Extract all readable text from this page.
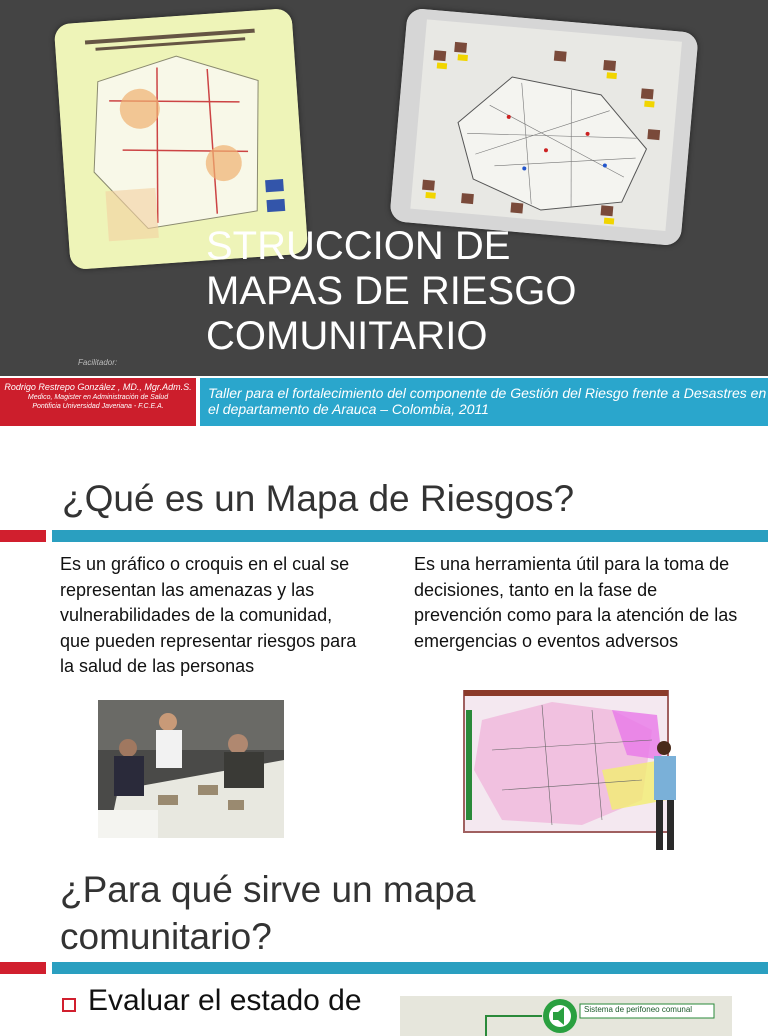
STRUCCION DE
MAPAS DE RIESGO
COMUNITARIO
Facilitador:
Rodrigo Restrepo González , MD., Mgr.Adm.S.
Medico, Magister en Administración de Salud
Pontificia Universidad Javeriana - F.C.E.A.
Taller para el fortalecimiento del componente de Gestión del Riesgo frente a Desastres en el departamento de Arauca – Colombia, 2011
¿Qué es un Mapa de Riesgos?
Es un gráfico o croquis en el cual se representan las amenazas y las vulnerabilidades de la comunidad, que pueden representar riesgos para la salud de las personas
Es una herramienta útil para la toma de decisiones, tanto en la fase de prevención como para la atención de las emergencias o eventos adversos
¿Para qué sirve un mapa
comunitario?
Evaluar el estado de	Sistema de perifoneo comunal
